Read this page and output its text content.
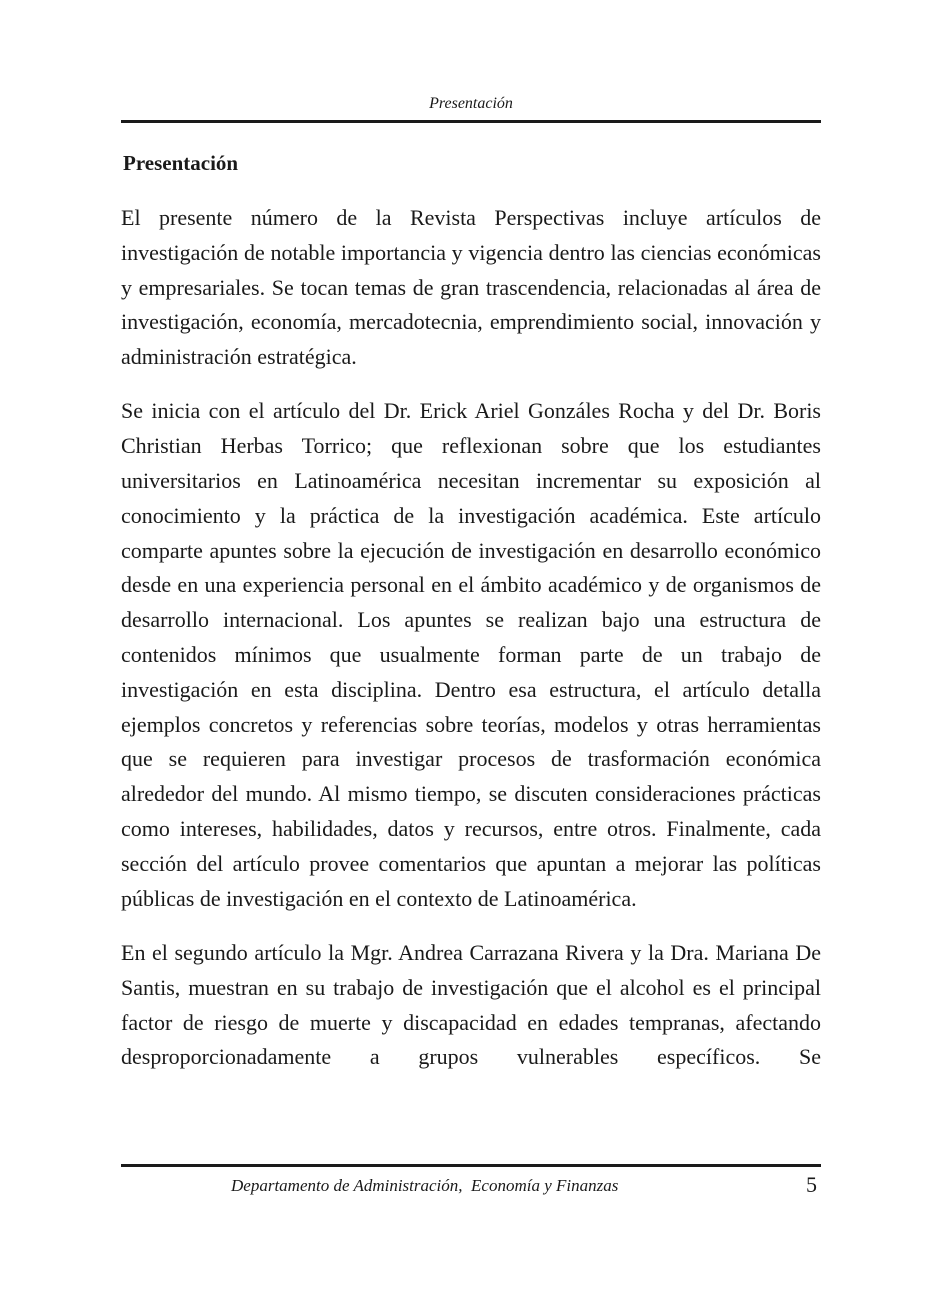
Presentación
Presentación

El presente número de la Revista Perspectivas incluye artículos de investigación de notable importancia y vigencia dentro las ciencias económicas y empresariales. Se tocan temas de gran trascendencia, relacionadas al área de investigación, economía, mercadotecnia, emprendimiento social, innovación y administración estratégica.

Se inicia con el artículo del Dr. Erick Ariel Gonzáles Rocha y del Dr. Boris Christian Herbas Torrico; que reflexionan sobre que los estudiantes universitarios en Latinoamérica necesitan incrementar su exposición al conocimiento y la práctica de la investigación académica. Este artículo comparte apuntes sobre la ejecución de investigación en desarrollo económico desde en una experiencia personal en el ámbito académico y de organismos de desarrollo internacional. Los apuntes se realizan bajo una estructura de contenidos mínimos que usualmente forman parte de un trabajo de investigación en esta disciplina. Dentro esa estructura, el artículo detalla ejemplos concretos y referencias sobre teorías, modelos y otras herramientas que se requieren para investigar procesos de trasformación económica alrededor del mundo. Al mismo tiempo, se discuten consideraciones prácticas como intereses, habilidades, datos y recursos, entre otros. Finalmente, cada sección del artículo provee comentarios que apuntan a mejorar las políticas públicas de investigación en el contexto de Latinoamérica.

En el segundo artículo la Mgr. Andrea Carrazana Rivera y la Dra. Mariana De Santis, muestran en su trabajo de investigación que el alcohol es el principal factor de riesgo de muerte y discapacidad en edades tempranas, afectando desproporcionadamente a grupos vulnerables específicos. Se

Departamento de Administración,  Economía y Finanzas	5
